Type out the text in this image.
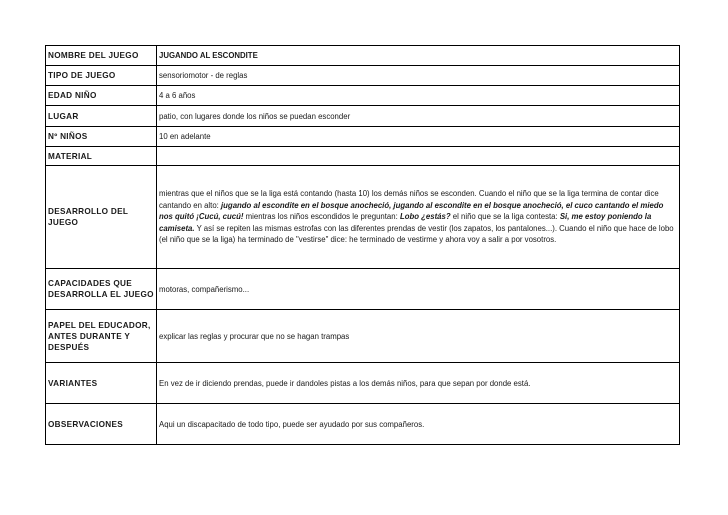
NOMBRE DEL JUEGO	JUGANDO AL ESCONDITE
TIPO DE JUEGO	sensoriomotor - de reglas
EDAD NIÑO	4 a 6 años
LUGAR	patio, con lugares donde los niños se puedan esconder
Nº NIÑOS	10 en adelante
MATERIAL	
DESARROLLO DEL JUEGO	mientras que el niños que se la liga está contando (hasta 10) los demás niños se esconden. Cuando el niño que se la liga termina de contar dice cantando en alto: jugando al escondite en el bosque anocheció, jugando al escondite en el bosque anocheció, el cuco cantando el miedo nos quitó ¡Cucú, cucú! mientras los niños escondidos le preguntan: Lobo ¿estás? el niño que se la liga contesta: Si, me estoy poniendo la camiseta. Y así se repiten las mismas estrofas con las diferentes prendas de vestir (los zapatos, los pantalones...). Cuando el niño que hace de lobo (el niño que se la liga) ha terminado de "vestirse" dice: he terminado de vestirme y ahora voy a salir a por vosotros.
CAPACIDADES QUE DESARROLLA EL JUEGO	motoras, compañerismo...
PAPEL DEL EDUCADOR, ANTES DURANTE Y DESPUÉS	explicar las reglas y procurar que no se hagan trampas
VARIANTES	En vez de ir diciendo prendas, puede ir dandoles pistas a los demás niños, para que sepan por donde está.
OBSERVACIONES	Aqui un discapacitado de todo tipo, puede ser ayudado por sus compañeros.
